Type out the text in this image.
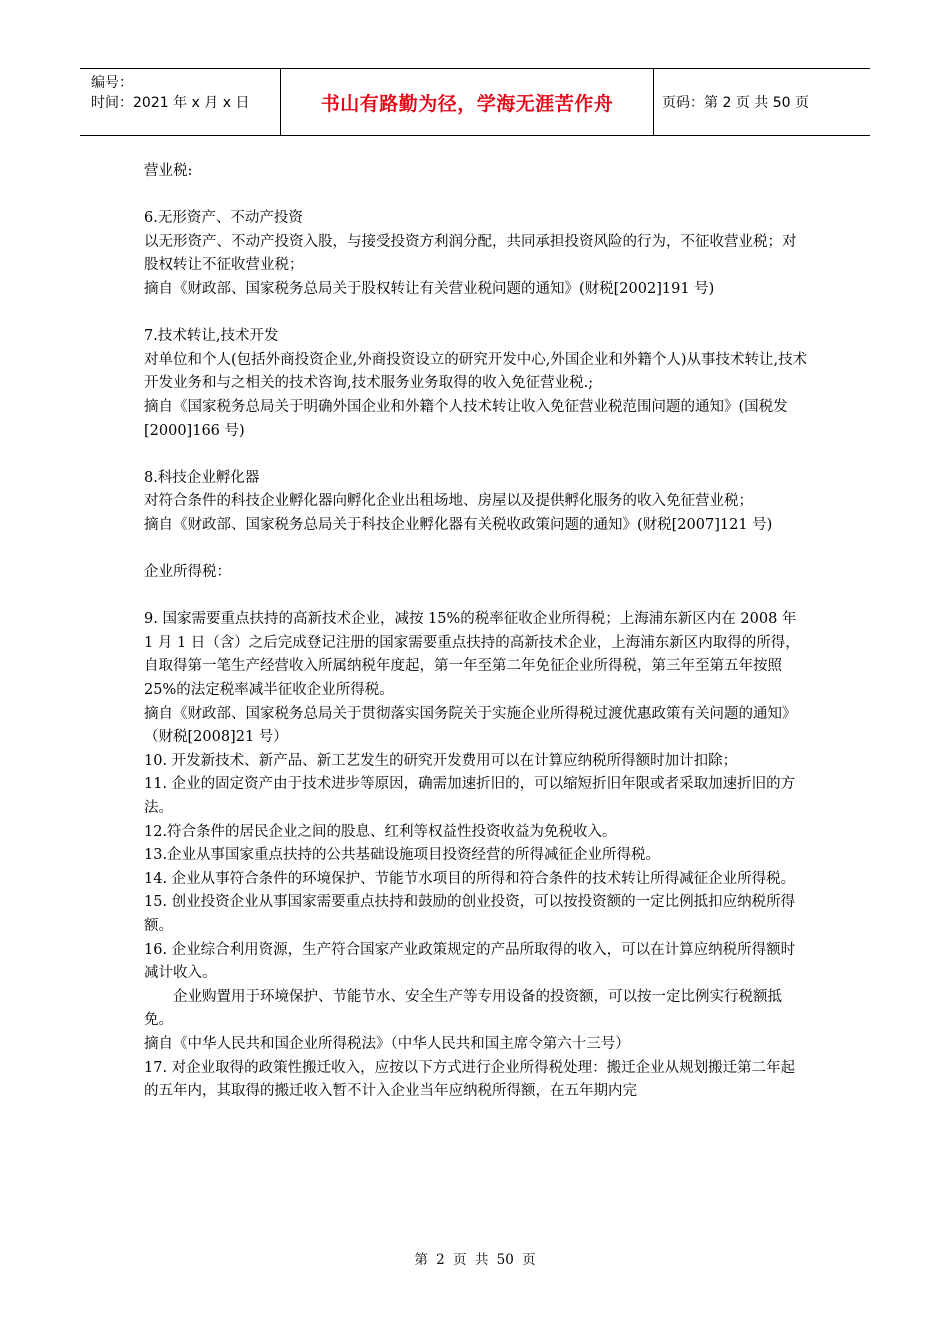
编号：
时间：2021 年 x 月 x 日	书山有路勤为径，学海无涯苦作舟	页码：第 2 页 共 50 页

营业税:

6.无形资产、不动产投资

以无形资产、不动产投资入股，与接受投资方利润分配，共同承担投资风险的行为，不征收营业税；对股权转让不征收营业税；

摘自《财政部、国家税务总局关于股权转让有关营业税问题的通知》(财税[2002]191 号)

7.技术转让,技术开发

对单位和个人(包括外商投资企业,外商投资设立的研究开发中心,外国企业和外籍个人)从事技术转让,技术开发业务和与之相关的技术咨询,技术服务业务取得的收入免征营业税.;

摘自《国家税务总局关于明确外国企业和外籍个人技术转让收入免征营业税范围问题的通知》(国税发[2000]166 号)

8.科技企业孵化器

对符合条件的科技企业孵化器向孵化企业出租场地、房屋以及提供孵化服务的收入免征营业税；

摘自《财政部、国家税务总局关于科技企业孵化器有关税收政策问题的通知》(财税[2007]121 号)

企业所得税：

9. 国家需要重点扶持的高新技术企业，减按 15%的税率征收企业所得税；上海浦东新区内在 2008 年 1 月 1 日（含）之后完成登记注册的国家需要重点扶持的高新技术企业，上海浦东新区内取得的所得，自取得第一笔生产经营收入所属纳税年度起，第一年至第二年免征企业所得税，第三年至第五年按照 25%的法定税率减半征收企业所得税。

摘自《财政部、国家税务总局关于贯彻落实国务院关于实施企业所得税过渡优惠政策有关问题的通知》（财税[2008]21 号）

10. 开发新技术、新产品、新工艺发生的研究开发费用可以在计算应纳税所得额时加计扣除；

11. 企业的固定资产由于技术进步等原因，确需加速折旧的，可以缩短折旧年限或者采取加速折旧的方法。

12.符合条件的居民企业之间的股息、红利等权益性投资收益为免税收入。

13.企业从事国家重点扶持的公共基础设施项目投资经营的所得减征企业所得税。

14. 企业从事符合条件的环境保护、节能节水项目的所得和符合条件的技术转让所得减征企业所得税。

15. 创业投资企业从事国家需要重点扶持和鼓励的创业投资，可以按投资额的一定比例抵扣应纳税所得额。

16. 企业综合利用资源，生产符合国家产业政策规定的产品所取得的收入，可以在计算应纳税所得额时减计收入。

企业购置用于环境保护、节能节水、安全生产等专用设备的投资额，可以按一定比例实行税额抵免。

摘自《中华人民共和国企业所得税法》（中华人民共和国主席令第六十三号）

17. 对企业取得的政策性搬迁收入，应按以下方式进行企业所得税处理：搬迁企业从规划搬迁第二年起的五年内，其取得的搬迁收入暂不计入企业当年应纳税所得额，在五年期内完

第 2 页 共 50 页
